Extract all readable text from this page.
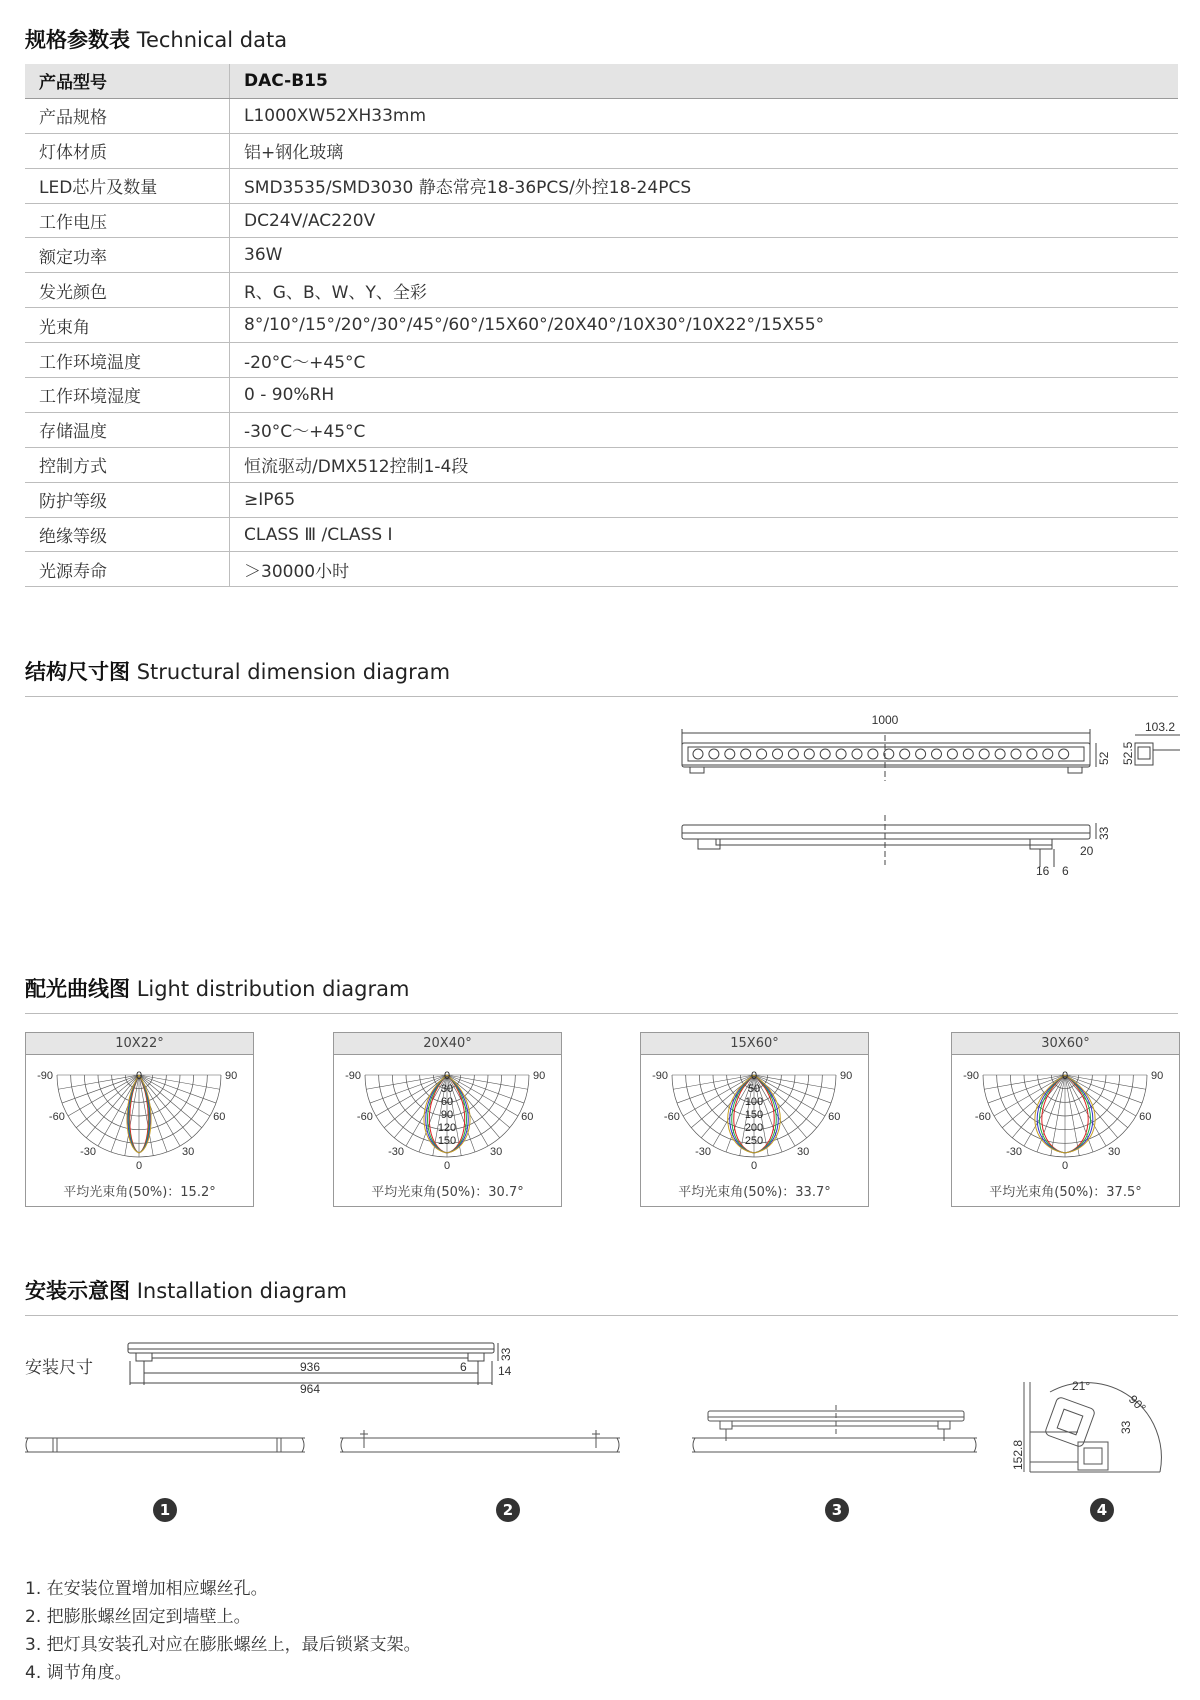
规格参数表 Technical data
产品型号	DAC-B15
产品规格	L1000XW52XH33mm
灯体材质	铝+钢化玻璃
LED芯片及数量	SMD3535/SMD3030 静态常亮18-36PCS/外控18-24PCS
工作电压	DC24V/AC220V
额定功率	36W
发光颜色	R、G、B、W、Y、全彩
光束角	8°/10°/15°/20°/30°/45°/60°/15X60°/20X40°/10X30°/10X22°/15X55°
工作环境温度	-20°C～+45°C
工作环境湿度	0 - 90%RH
存储温度	-30°C～+45°C
控制方式	恒流驱动/DMX512控制1-4段
防护等级	≥IP65
绝缘等级	CLASS Ⅲ /CLASS Ⅰ
光源寿命	＞30000小时
结构尺寸图 Structural dimension diagram
1000
52
103.2
52.5
33
20
16 6
配光曲线图 Light distribution diagram
10X22°
-90	90
-60	60
-30	30
0
0
平均光束角(50%)：15.2°
20X40°
-90	90
-60	60
-30	30
0
0
30
60
90
120
150
平均光束角(50%)：30.7°
15X60°
-90	90
-60	60
-30	30
0
0
50
100
150
200
250
平均光束角(50%)：33.7°
30X60°
-90	90
-60	60
-30	30
0
0
平均光束角(50%)：37.5°
安装示意图 Installation diagram
安装尺寸	936
964
6	14
33
21°
90°
152.8
33
1	2	3	4
1. 在安装位置增加相应螺丝孔。
2. 把膨胀螺丝固定到墙壁上。
3. 把灯具安装孔对应在膨胀螺丝上，最后锁紧支架。
4. 调节角度。
